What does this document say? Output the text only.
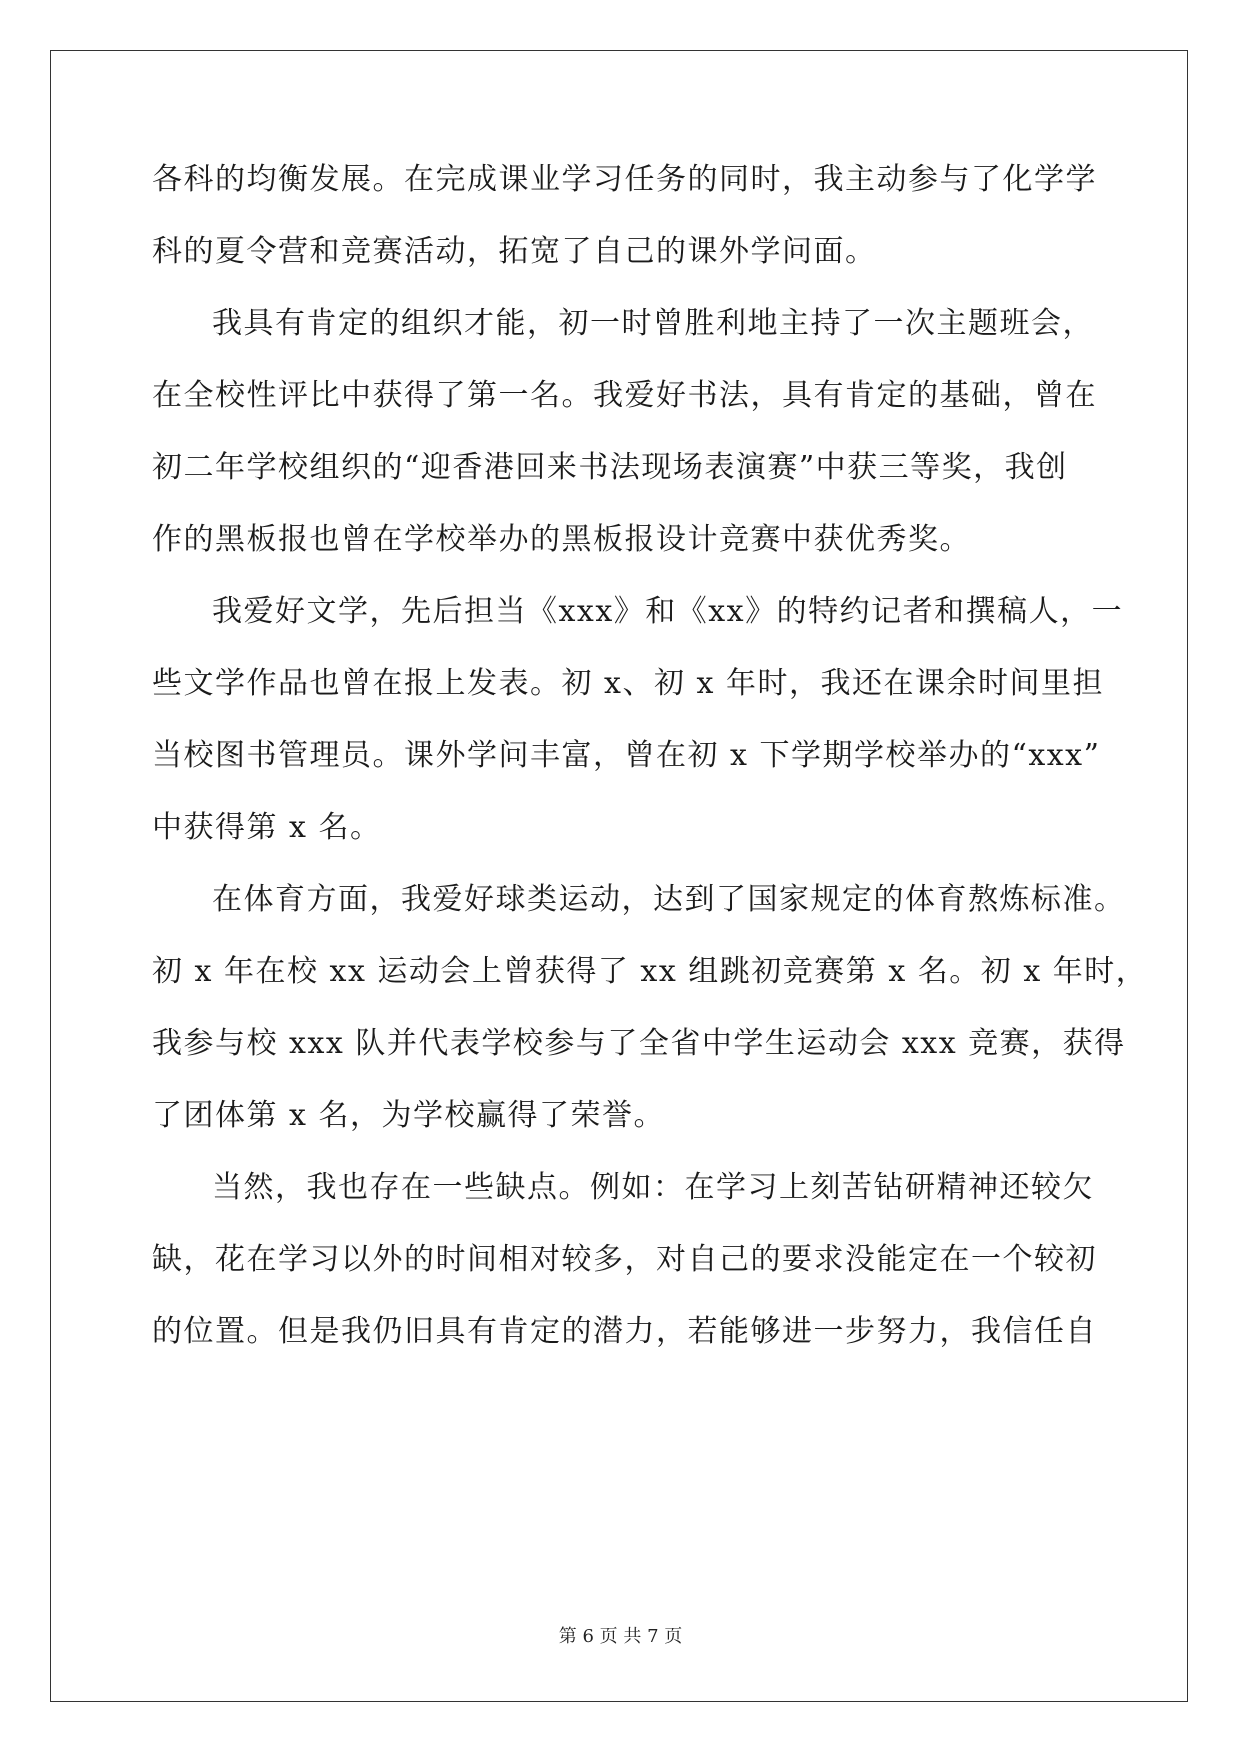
各科的均衡发展。在完成课业学习任务的同时，我主动参与了化学学
科的夏令营和竞赛活动，拓宽了自己的课外学问面。
我具有肯定的组织才能，初一时曾胜利地主持了一次主题班会，
在全校性评比中获得了第一名。我爱好书法，具有肯定的基础，曾在
初二年学校组织的“迎香港回来书法现场表演赛”中获三等奖，我创
作的黑板报也曾在学校举办的黑板报设计竞赛中获优秀奖。
我爱好文学，先后担当《xxx》和《xx》的特约记者和撰稿人，一
些文学作品也曾在报上发表。初 x、初 x 年时，我还在课余时间里担
当校图书管理员。课外学问丰富，曾在初 x 下学期学校举办的“xxx”
中获得第 x 名。
在体育方面，我爱好球类运动，达到了国家规定的体育熬炼标准。
初 x 年在校 xx 运动会上曾获得了 xx 组跳初竞赛第 x 名。初 x 年时，
我参与校 xxx 队并代表学校参与了全省中学生运动会 xxx 竞赛，获得
了团体第 x 名，为学校赢得了荣誉。
当然，我也存在一些缺点。例如：在学习上刻苦钻研精神还较欠
缺，花在学习以外的时间相对较多，对自己的要求没能定在一个较初
的位置。但是我仍旧具有肯定的潜力，若能够进一步努力，我信任自
第 6 页 共 7 页
